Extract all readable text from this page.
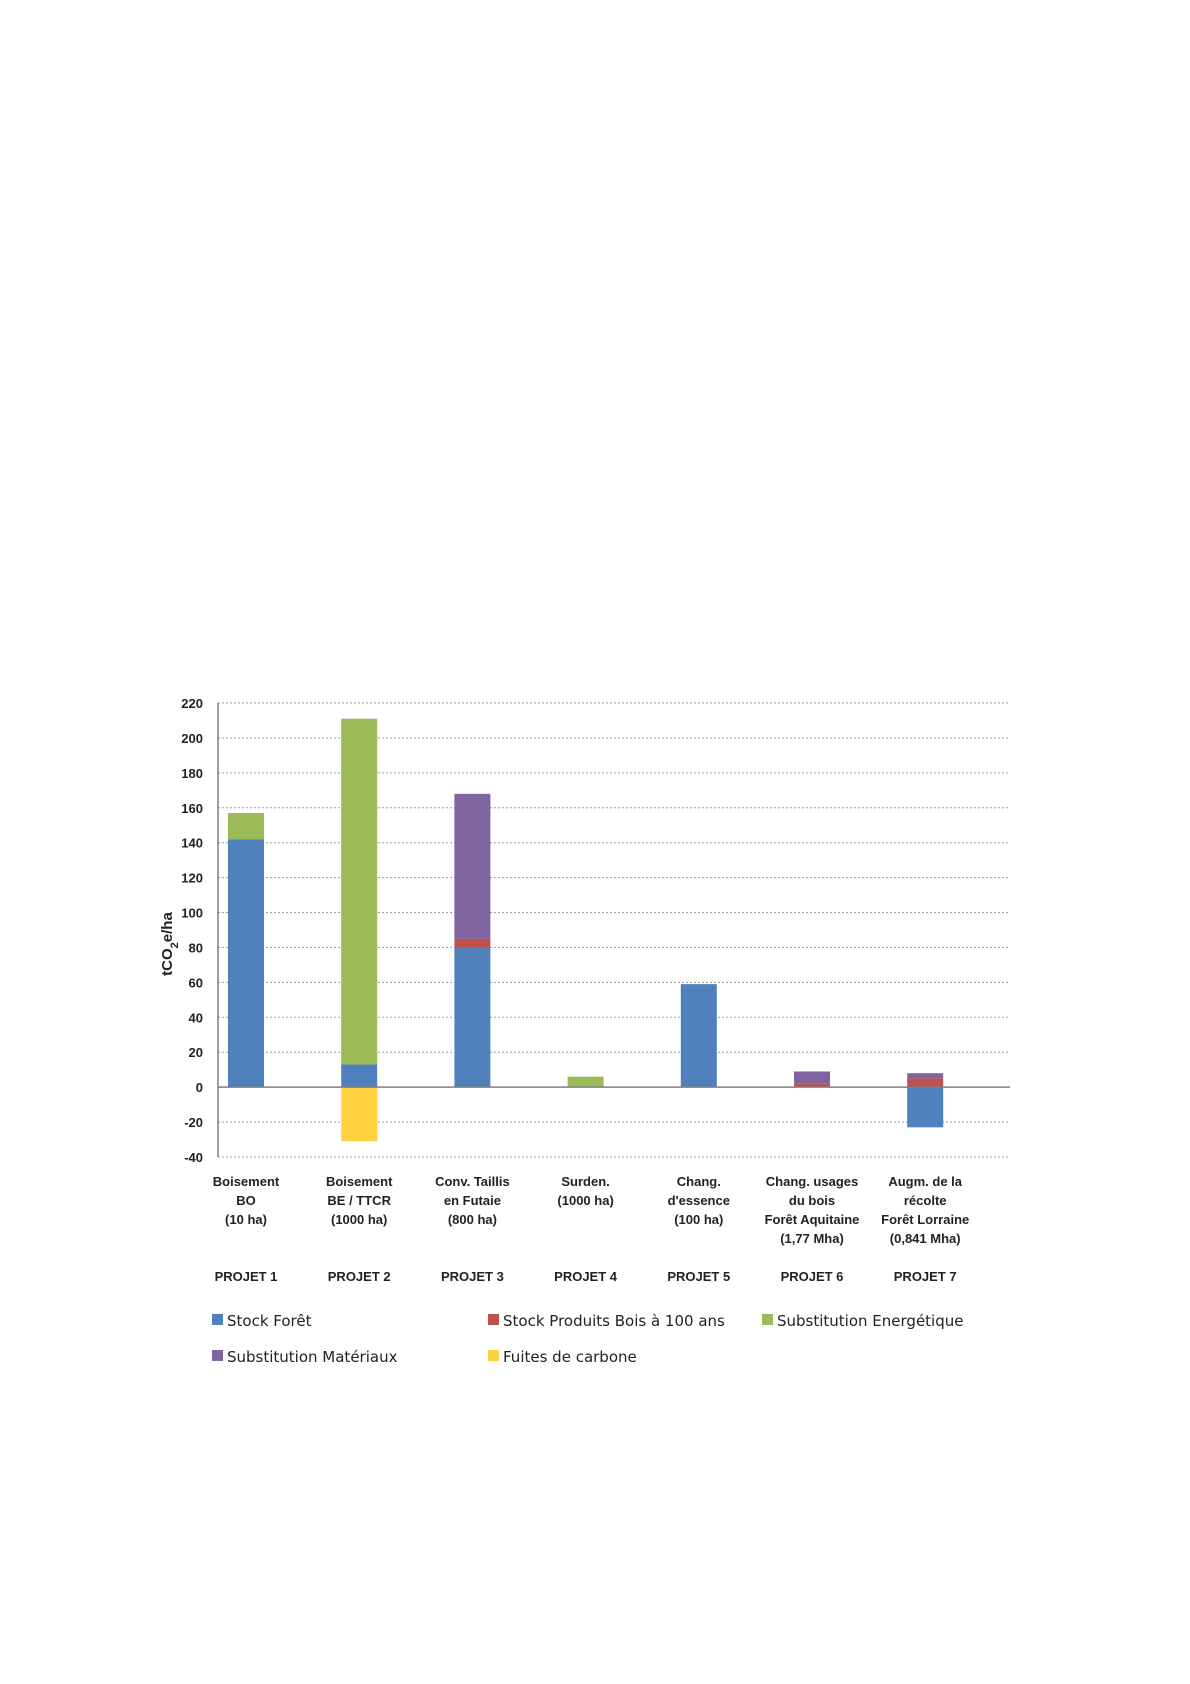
220
200
180
160
140
120
100
80
60
40
20
0
-20
-40
Boisement BO (10 ha)
PROJET 1
Boisement BE / TTCR (1000 ha)
PROJET 2
Conv. Taillis en Futaie (800 ha)
PROJET 3
Surden. (1000 ha)
PROJET 4
Chang. d'essence (100 ha)
PROJET 5
Chang. usages du bois Forêt Aquitaine (1,77 Mha)
PROJET 6
Augm. de la récolte Forêt Lorraine (0,841 Mha)
PROJET 7
Stock Forêt	Stock Produits Bois à 100 ans	Substitution Energétique
Substitution Matériaux	Fuites de carbone
tCO$_2$e/ha
